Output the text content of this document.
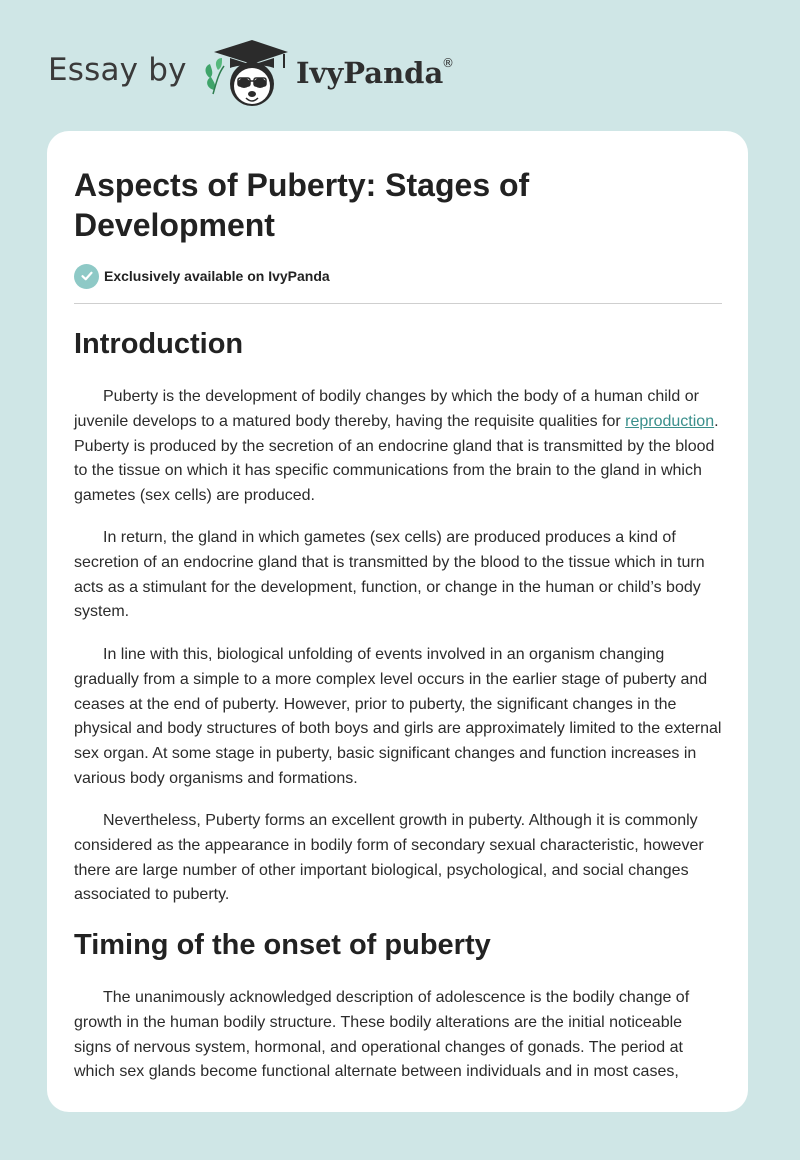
Essay by	IvyPanda
®
Aspects of Puberty: Stages of Development
Exclusively available on IvyPanda
Introduction

Puberty is the development of bodily changes by which the body of a human child or juvenile develops to a matured body thereby, having the requisite qualities for reproduction. Puberty is produced by the secretion of an endocrine gland that is transmitted by the blood to the tissue on which it has specific communications from the brain to the gland in which gametes (sex cells) are produced.

In return, the gland in which gametes (sex cells) are produced produces a kind of secretion of an endocrine gland that is transmitted by the blood to the tissue which in turn acts as a stimulant for the development, function, or change in the human or child’s body system.

In line with this, biological unfolding of events involved in an organism changing gradually from a simple to a more complex level occurs in the earlier stage of puberty and ceases at the end of puberty. However, prior to puberty, the significant changes in the physical and body structures of both boys and girls are approximately limited to the external sex organ. At some stage in puberty, basic significant changes and function increases in various body organisms and formations.

Nevertheless, Puberty forms an excellent growth in puberty. Although it is commonly considered as the appearance in bodily form of secondary sexual characteristic, however there are large number of other important biological, psychological, and social changes associated to puberty.

Timing of the onset of puberty

The unanimously acknowledged description of adolescence is the bodily change of growth in the human bodily structure. These bodily alterations are the initial noticeable signs of nervous system, hormonal, and operational changes of gonads. The period at which sex glands become functional alternate between individuals and in most cases,
